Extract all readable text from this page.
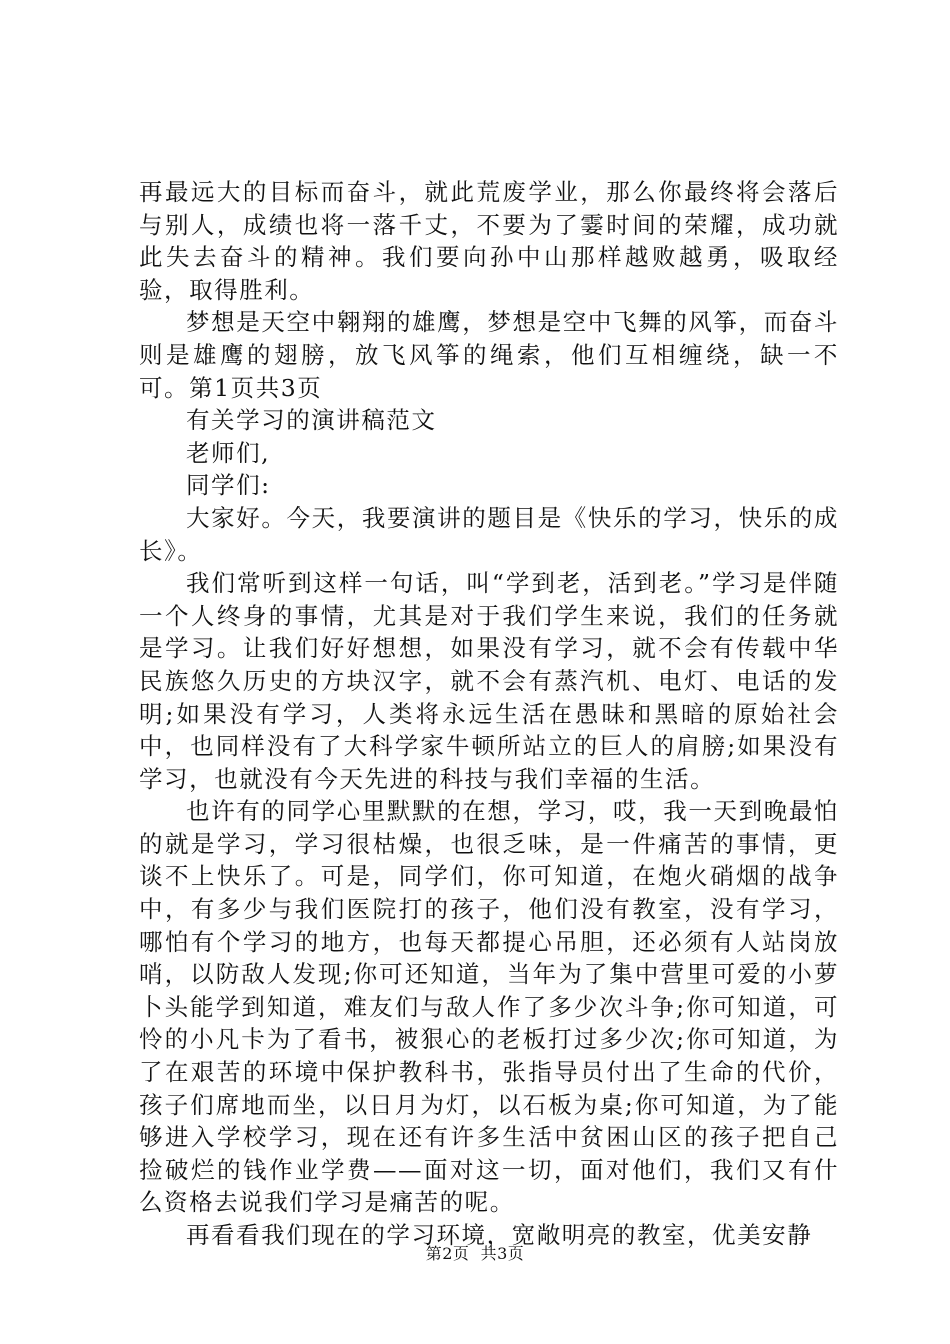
再最远大的目标而奋斗，就此荒废学业，那么你最终将会落后与别人，成绩也将一落千丈，不要为了霎时间的荣耀，成功就此失去奋斗的精神。我们要向孙中山那样越败越勇，吸取经验，取得胜利。

梦想是天空中翱翔的雄鹰，梦想是空中飞舞的风筝，而奋斗则是雄鹰的翅膀，放飞风筝的绳索，他们互相缠绕，缺一不可。第1页共3页

有关学习的演讲稿范文

老师们,

同学们:

大家好。今天，我要演讲的题目是《快乐的学习，快乐的成长》。

我们常听到这样一句话，叫“学到老，活到老。”学习是伴随一个人终身的事情，尤其是对于我们学生来说，我们的任务就是学习。让我们好好想想，如果没有学习，就不会有传载中华民族悠久历史的方块汉字，就不会有蒸汽机、电灯、电话的发明;如果没有学习，人类将永远生活在愚昧和黑暗的原始社会中，也同样没有了大科学家牛顿所站立的巨人的肩膀;如果没有学习，也就没有今天先进的科技与我们幸福的生活。

也许有的同学心里默默的在想，学习，哎，我一天到晚最怕的就是学习，学习很枯燥，也很乏味，是一件痛苦的事情，更谈不上快乐了。可是，同学们，你可知道，在炮火硝烟的战争中，有多少与我们医院打的孩子，他们没有教室，没有学习，哪怕有个学习的地方，也每天都提心吊胆，还必须有人站岗放哨，以防敌人发现;你可还知道，当年为了集中营里可爱的小萝卜头能学到知道，难友们与敌人作了多少次斗争;你可知道，可怜的小凡卡为了看书，被狠心的老板打过多少次;你可知道，为了在艰苦的环境中保护教科书，张指导员付出了生命的代价，孩子们席地而坐，以日月为灯，以石板为桌;你可知道，为了能够进入学校学习，现在还有许多生活中贫困山区的孩子把自己捡破烂的钱作业学费——面对这一切，面对他们，我们又有什么资格去说我们学习是痛苦的呢。

再看看我们现在的学习环境，宽敞明亮的教室，优美安静

第2页  共3页
